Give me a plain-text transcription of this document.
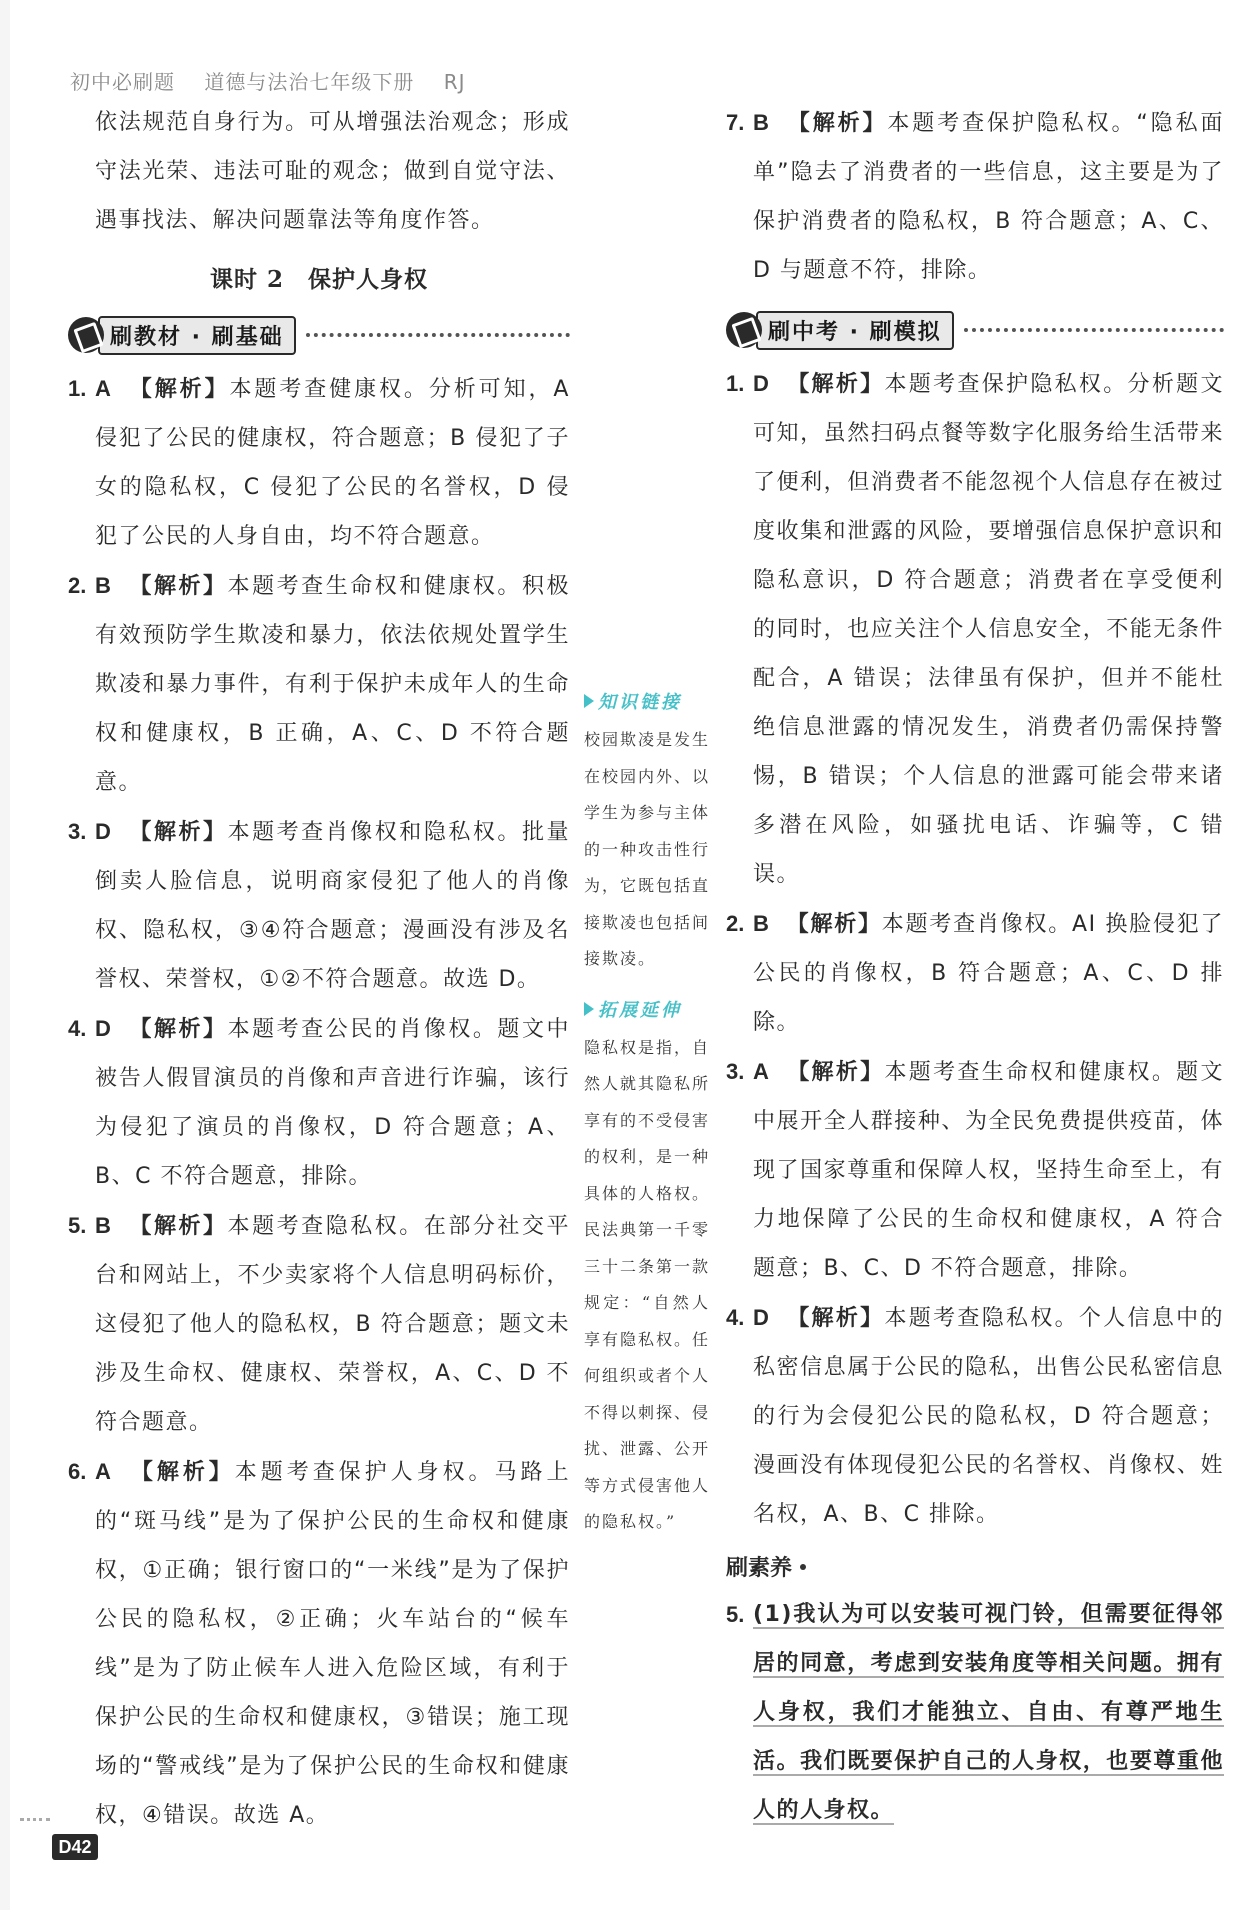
初中必刷题 道德与法治七年级下册 RJ
依法规范自身行为。可从增强法治观念；形成守法光荣、违法可耻的观念；做到自觉守法、遇事找法、解决问题靠法等角度作答。
课时 2　保护人身权
刷教材 · 刷基础
1. A 【解析】本题考查健康权。分析可知，A 侵犯了公民的健康权，符合题意；B 侵犯了子女的隐私权，C 侵犯了公民的名誉权，D 侵犯了公民的人身自由，均不符合题意。
2. B 【解析】本题考查生命权和健康权。积极有效预防学生欺凌和暴力，依法依规处置学生欺凌和暴力事件，有利于保护未成年人的生命权和健康权，B 正确，A、C、D 不符合题意。
3. D 【解析】本题考查肖像权和隐私权。批量倒卖人脸信息，说明商家侵犯了他人的肖像权、隐私权，③④符合题意；漫画没有涉及名誉权、荣誉权，①②不符合题意。故选 D。
4. D 【解析】本题考查公民的肖像权。题文中被告人假冒演员的肖像和声音进行诈骗，该行为侵犯了演员的肖像权，D 符合题意；A、B、C 不符合题意，排除。
5. B 【解析】本题考查隐私权。在部分社交平台和网站上，不少卖家将个人信息明码标价，这侵犯了他人的隐私权，B 符合题意；题文未涉及生命权、健康权、荣誉权，A、C、D 不符合题意。
6. A 【解析】本题考查保护人身权。马路上的“斑马线”是为了保护公民的生命权和健康权，①正确；银行窗口的“一米线”是为了保护公民的隐私权，②正确；火车站台的“候车线”是为了防止候车人进入危险区域，有利于保护公民的生命权和健康权，③错误；施工现场的“警戒线”是为了保护公民的生命权和健康权，④错误。故选 A。
知识链接
校园欺凌是发生在校园内外、以学生为参与主体的一种攻击性行为，它既包括直接欺凌也包括间接欺凌。
拓展延伸
隐私权是指，自然人就其隐私所享有的不受侵害的权利，是一种具体的人格权。民法典第一千零三十二条第一款规定：“自然人享有隐私权。任何组织或者个人不得以刺探、侵扰、泄露、公开等方式侵害他人的隐私权。”
7. B 【解析】本题考查保护隐私权。“隐私面单”隐去了消费者的一些信息，这主要是为了保护消费者的隐私权，B 符合题意；A、C、D 与题意不符，排除。
刷中考 · 刷模拟
1. D 【解析】本题考查保护隐私权。分析题文可知，虽然扫码点餐等数字化服务给生活带来了便利，但消费者不能忽视个人信息存在被过度收集和泄露的风险，要增强信息保护意识和隐私意识，D 符合题意；消费者在享受便利的同时，也应关注个人信息安全，不能无条件配合，A 错误；法律虽有保护，但并不能杜绝信息泄露的情况发生，消费者仍需保持警惕，B 错误；个人信息的泄露可能会带来诸多潜在风险，如骚扰电话、诈骗等，C 错误。
2. B 【解析】本题考查肖像权。AI 换脸侵犯了公民的肖像权，B 符合题意；A、C、D 排除。
3. A 【解析】本题考查生命权和健康权。题文中展开全人群接种、为全民免费提供疫苗，体现了国家尊重和保障人权，坚持生命至上，有力地保障了公民的生命权和健康权，A 符合题意；B、C、D 不符合题意，排除。
4. D 【解析】本题考查隐私权。个人信息中的私密信息属于公民的隐私，出售公民私密信息的行为会侵犯公民的隐私权，D 符合题意；漫画没有体现侵犯公民的名誉权、肖像权、姓名权，A、B、C 排除。
刷素养
5. (1)我认为可以安装可视门铃，但需要征得邻居的同意，考虑到安装角度等相关问题。拥有人身权，我们才能独立、自由、有尊严地生活。我们既要保护自己的人身权，也要尊重他人的人身权。
D42
